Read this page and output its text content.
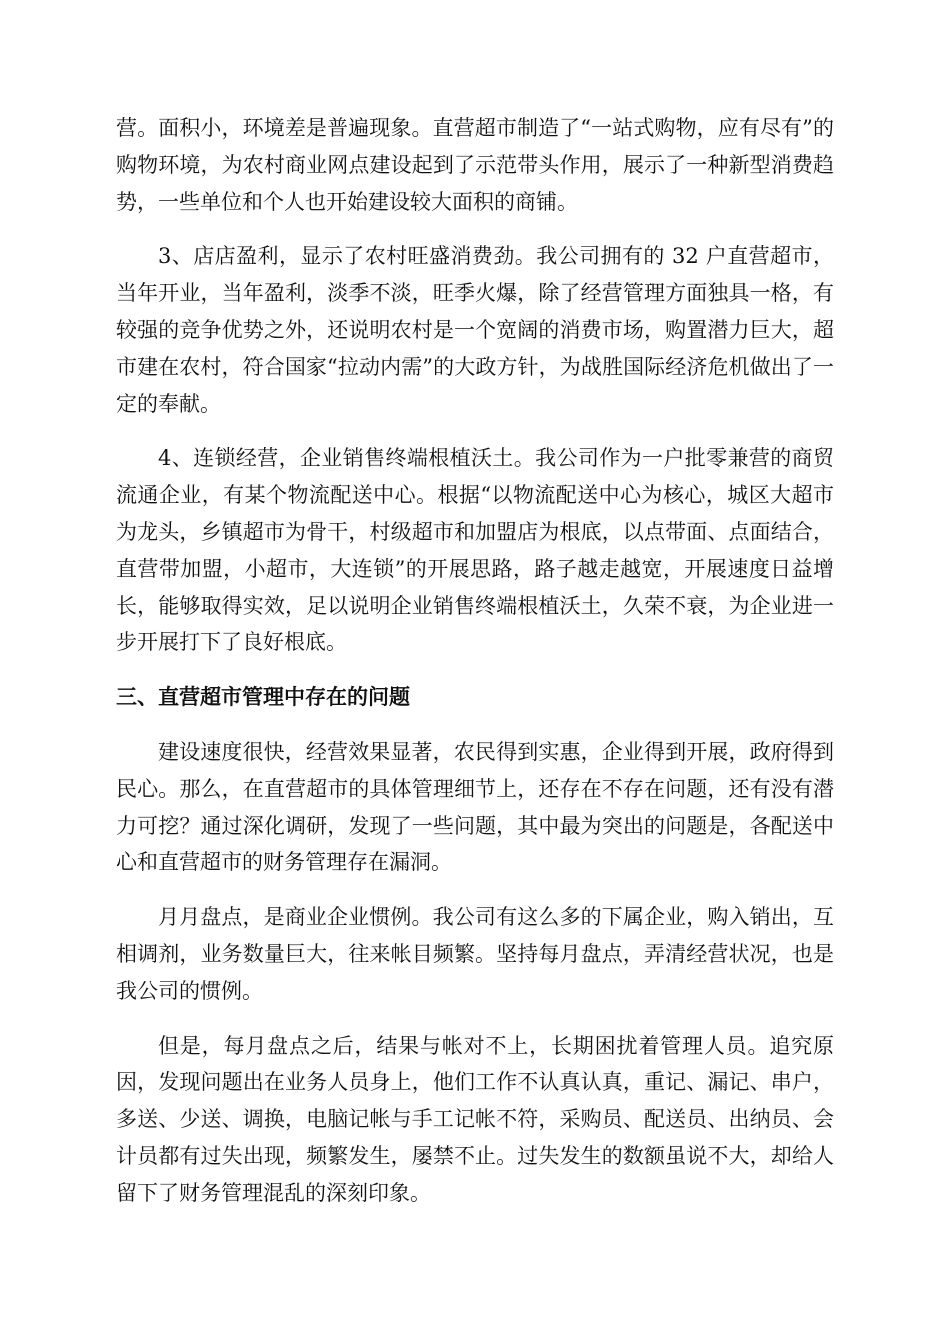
营。面积小，环境差是普遍现象。直营超市制造了“一站式购物，应有尽有”的购物环境，为农村商业网点建设起到了示范带头作用，展示了一种新型消费趋势，一些单位和个人也开始建设较大面积的商铺。

3、店店盈利，显示了农村旺盛消费劲。我公司拥有的 32 户直营超市，当年开业，当年盈利，淡季不淡，旺季火爆，除了经营管理方面独具一格，有较强的竞争优势之外，还说明农村是一个宽阔的消费市场，购置潜力巨大，超市建在农村，符合国家“拉动内需”的大政方针，为战胜国际经济危机做出了一定的奉献。

4、连锁经营，企业销售终端根植沃土。我公司作为一户批零兼营的商贸流通企业，有某个物流配送中心。根据“以物流配送中心为核心，城区大超市为龙头，乡镇超市为骨干，村级超市和加盟店为根底，以点带面、点面结合，直营带加盟，小超市，大连锁”的开展思路，路子越走越宽，开展速度日益增长，能够取得实效，足以说明企业销售终端根植沃土，久荣不衰，为企业进一步开展打下了良好根底。

三、直营超市管理中存在的问题

建设速度很快，经营效果显著，农民得到实惠，企业得到开展，政府得到民心。那么，在直营超市的具体管理细节上，还存在不存在问题，还有没有潜力可挖？通过深化调研，发现了一些问题，其中最为突出的问题是，各配送中心和直营超市的财务管理存在漏洞。

月月盘点，是商业企业惯例。我公司有这么多的下属企业，购入销出，互相调剂，业务数量巨大，往来帐目频繁。坚持每月盘点，弄清经营状况，也是我公司的惯例。

但是，每月盘点之后，结果与帐对不上，长期困扰着管理人员。追究原因，发现问题出在业务人员身上，他们工作不认真认真，重记、漏记、串户，多送、少送、调换，电脑记帐与手工记帐不符，采购员、配送员、出纳员、会计员都有过失出现，频繁发生，屡禁不止。过失发生的数额虽说不大，却给人留下了财务管理混乱的深刻印象。
